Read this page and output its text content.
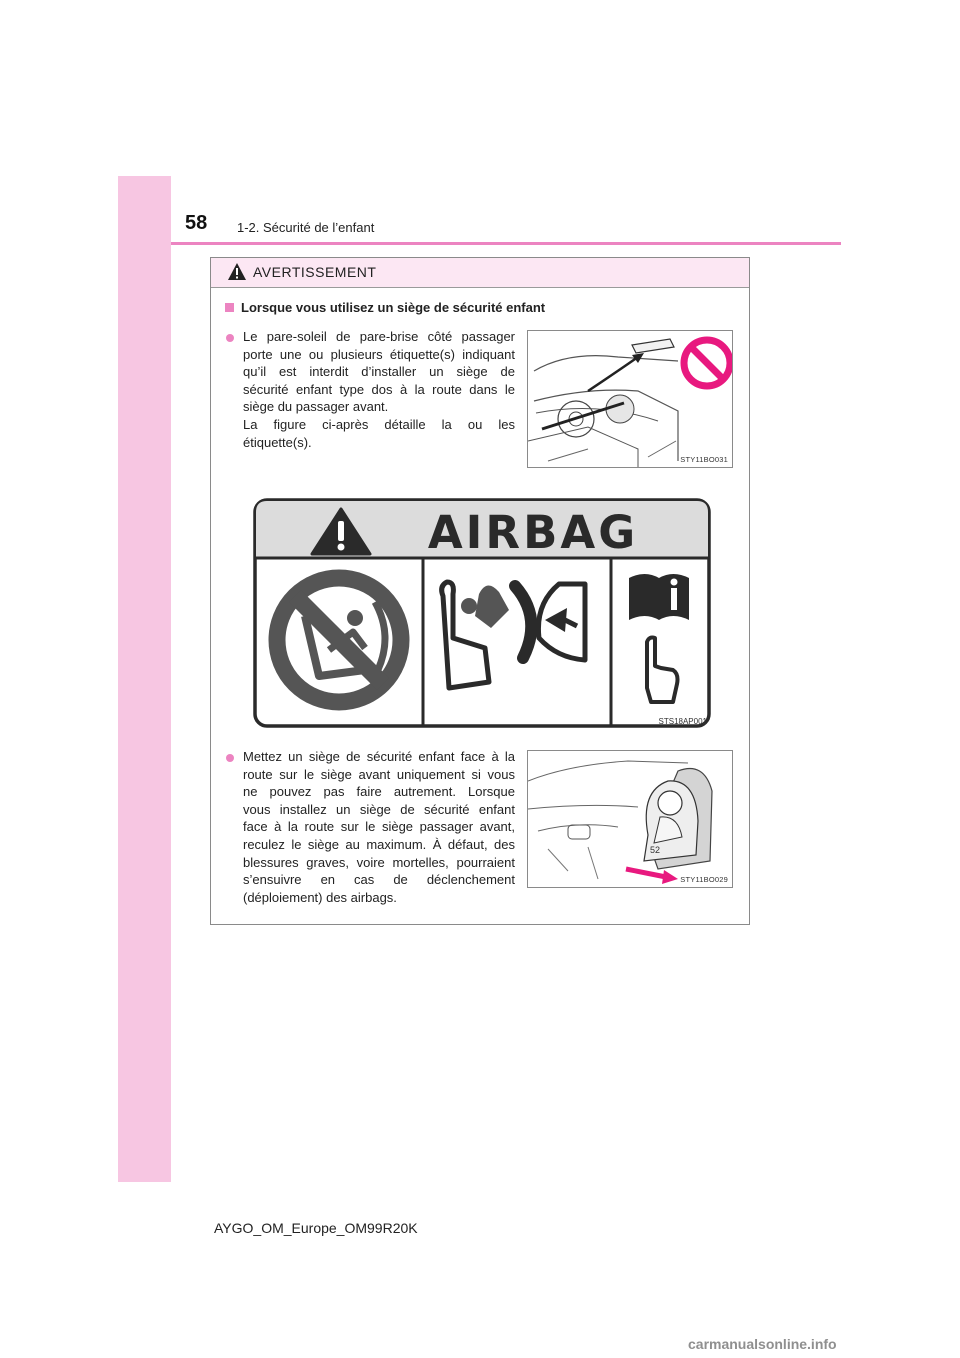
58 1-2. Sécurité de l’enfant
AVERTISSEMENT
Lorsque vous utilisez un siège de sécurité enfant
Le pare-soleil de pare-brise côté passager
porte une ou plusieurs étiquette(s) indiquant
qu’il est interdit d’installer un siège de
sécurité enfant type dos à la route dans le
siège du passager avant.
La figure ci-après détaille la ou les
étiquette(s).
STY11BO031
AIRBAG
STS18AP001
Mettez un siège de sécurité enfant face à la
route sur le siège avant uniquement si vous
ne pouvez pas faire autrement. Lorsque
vous installez un siège de sécurité enfant
face à la route sur le siège passager avant,
reculez le siège au maximum. À défaut, des
blessures graves, voire mortelles, pourraient
s’ensuivre en cas de déclenchement
(déploiement) des airbags.
52
STY11BO029
AYGO_OM_Europe_OM99R20K
carmanualsonline.info
